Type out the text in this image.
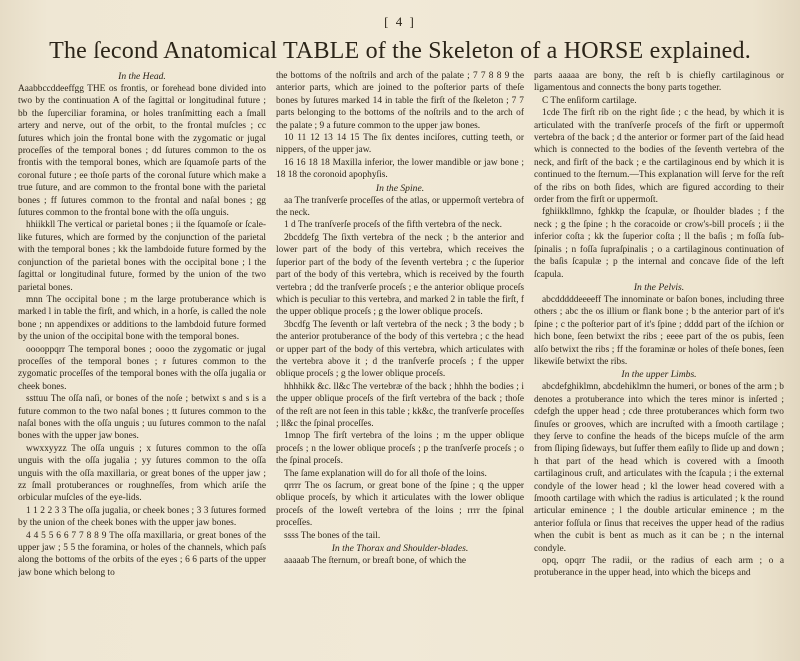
[ 4 ]
The ſecond Anatomical TABLE of the Skeleton of a HORSE explained.
In the Head.

Aaabbccddeeffgg THE os frontis, or forehead bone divided into two by the continuation A of the ſagittal or longitudinal future ; bb the ſuperciliar foramina, or holes tranſmitting each a ſmall artery and nerve, out of the orbit, to the frontal muſcles ; cc ſutures which join the frontal bone with the zygomatic or jugal proceſſes of the temporal bones ; dd ſutures common to the os frontis with the temporal bones, which are ſquamoſe parts of the coronal future ; ee thoſe parts of the coronal ſuture which make a true ſuture, and are common to the frontal bone with the parietal bones ; ff ſutures common to the frontal and naſal bones ; gg ſutures common to the frontal bone with the oſſa unguis.

hhiikkll The vertical or parietal bones ; ii the ſquamoſe or ſcale-like futures, which are formed by the conjunction of the parietal with the temporal bones ; kk the lambdoide future formed by the conjunction of the parietal bones with the occipital bone ; l the ſagittal or longitudinal future, formed by the union of the two parietal bones.

mnn The occipital bone ; m the large protuberance which is marked l in table the firſt, and which, in a horſe, is called the nole bone ; nn appendixes or additions to the lambdoid future formed by the union of the occipital bone with the temporal bones.

ooooppqrr The temporal bones ; oooo the zygomatic or jugal proceſſes of the temporal bones ; r ſutures common to the zygomatic proceſſes of the temporal bones with the oſſa jugalia or cheek bones.

ssttuu The oſſa naſi, or bones of the noſe ; betwixt s and s is a future common to the two naſal bones ; tt ſutures common to the naſal bones with the oſſa unguis ; uu ſutures common to the naſal bones with the upper jaw bones.

wwxxyyzz The oſſa unguis ; x ſutures common to the oſſa unguis with the oſſa jugalia ; yy ſutures common to the oſſa unguis with the oſſa maxillaria, or great bones of the upper jaw ; zz ſmall protuberances or roughneſſes, from which ariſe the orbicular muſcles of the eye-lids.

1 1 2 2 3 3 The oſſa jugalia, or cheek bones ; 3 3 ſutures formed by the union of the cheek bones with the upper jaw bones.

4 4 5 5 6 6 7 7 8 8 9 The oſſa maxillaria, or great bones of the upper jaw ; 5 5 the foramina, or holes of the channels, which paſs along the bottoms of the orbits of the eyes ; 6 6 parts of the upper jaw bone which belong to

the bottoms of the noſtrils and arch of the palate ; 7 7 8 8 9 the anterior parts, which are joined to the poſterior parts of theſe bones by ſutures marked 14 in table the firſt of the ſkeleton ; 7 7 parts belonging to the bottoms of the noſtrils and to the arch of the palate ; 9 a future common to the upper jaw bones.

10 11 12 13 14 15 The ſix dentes inciſores, cutting teeth, or nippers, of the upper jaw.

16 16 18 18 Maxilla inferior, the lower mandible or jaw bone ; 18 18 the coronoid apophyſis.

In the Spine.

aa The tranſverſe proceſſes of the atlas, or uppermoſt vertebra of the neck.

1 d The tranſverſe proceſs of the fifth vertebra of the neck.

2bcddefg The ſixth vertebra of the neck ; b the anterior and lower part of the body of this vertebra, which receives the ſuperior part of the body of the ſeventh vertebra ; c the ſuperior part of the body of this vertebra, which is received by the fourth vertebra ; dd the tranſverſe proceſs ; e the anterior oblique proceſs which is peculiar to this vertebra, and marked 2 in table the firſt, f the upper oblique proceſs ; g the lower oblique proceſs.

3bcdfg The ſeventh or laſt vertebra of the neck ; 3 the body ; b the anterior protuberance of the body of this vertebra ; c the head or upper part of the body of this vertebra, which articulates with the vertebra above it ; d the tranſverſe proceſs ; f the upper oblique proceſs ; g the lower oblique proceſs.

hhhhikk &c. ll&c The vertebræ of the back ; hhhh the bodies ; i the upper oblique proceſs of the firſt vertebra of the back ; thoſe of the reſt are not ſeen in this table ; kk&c, the tranſverſe proceſſes ; ll&c the ſpinal proceſſes.

1mnop The firſt vertebra of the loins ; m the upper oblique proceſs ; n the lower oblique proceſs ; p the tranſverſe proceſs ; o the ſpinal proceſs.

The ſame explanation will do for all thoſe of the loins.

qrrrr The os ſacrum, or great bone of the ſpine ; q the upper oblique proceſs, by which it articulates with the lower oblique proceſs of the loweſt vertebra of the loins ; rrrr the ſpinal proceſſes.

ssss The bones of the tail.

In the Thorax and Shoulder-blades.

aaaaab The ſternum, or breaſt bone, of which the

parts aaaaa are bony, the reſt b is chiefly cartilaginous or ligamentous and connects the bony parts together.

C The enſiform cartilage.

1cde The firſt rib on the right ſide ; c the head, by which it is articulated with the tranſverſe proceſs of the firſt or uppermoſt vertebra of the back ; d the anterior or former part of the ſaid head which is connected to the bodies of the ſeventh vertebra of the neck, and firſt of the back ; e the cartilaginous end by which it is continued to the ſternum.—This explanation will ſerve for the reſt of the ribs on both ſides, which are figured according to their order from the firſt or uppermoſt.

fghiikkllmno, fghkkp the ſcapulæ, or ſhoulder blades ; f the neck ; g the ſpine ; h the coracoide or crow's-bill proceſs ; ii the inferior coſta ; kk the ſuperior coſta ; ll the baſis ; m foſſa ſub-ſpinalis ; n foſſa ſupraſpinalis ; o a cartilaginous continuation of the baſis ſcapulæ ; p the internal and concave ſide of the left ſcapula.

In the Pelvis.

abcdddddeeeeff The innominate or baſon bones, including three others ; abc the os illium or flank bone ; b the anterior part of it's ſpine ; c the poſterior part of it's ſpine ; dddd part of the iſchion or hich bone, ſeen betwixt the ribs ; eeee part of the os pubis, ſeen alſo betwixt the ribs ; ff the foraminæ or holes of theſe bones, ſeen likewiſe betwixt the ribs.

In the upper Limbs.

abcdefghiklmn, abcdehiklmn the humeri, or bones of the arm ; b denotes a protuberance into which the teres minor is inſerted ; cdefgh the upper head ; cde three protuberances which form two ſinuſes or grooves, which are incruſted with a ſmooth cartilage ; they ſerve to confine the heads of the biceps muſcle of the arm from ſliping ſideways, but ſuffer them eaſily to ſlide up and down ; h that part of the head which is covered with a ſmooth cartilaginous cruſt, and articulates with the ſcapula ; i the external condyle of the lower head ; kl the lower head covered with a ſmooth cartilage with which the radius is articulated ; k the round articular eminence ; l the double articular eminence ; m the anterior foſſula or ſinus that receives the upper head of the radius when the cubit is bent as much as it can be ; n the internal condyle.

opq, opqrr The radii, or the radius of each arm ; o a protuberance in the upper head, into which the biceps and
